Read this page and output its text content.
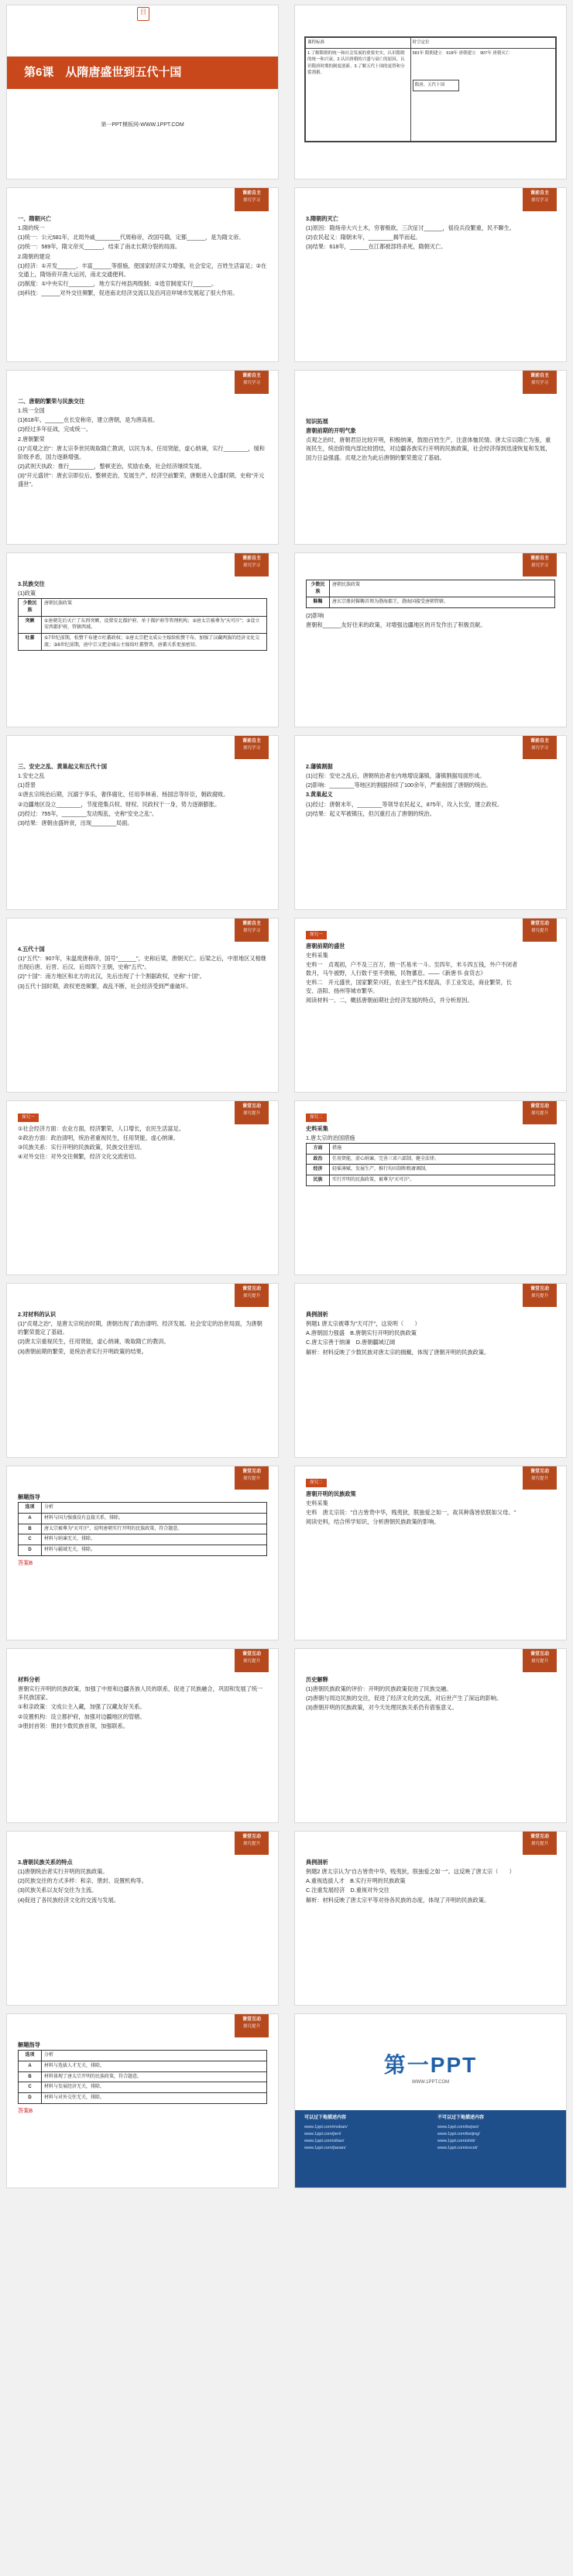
目
第6课　从隋唐盛世到五代十国
第一PPT模板网-WWW.1PPT.COM
课程标准	时空定位
1.了解隋朝的统一和社会发展的重要史实，认识隋朝的统一和兴衰。2.认识唐朝的兴盛与衰亡的原因，认识隋唐时期的制度创新。3.了解五代十国的更替和分裂割据。	581年 隋朝建立　618年 唐朝建立　907年 唐朝灭亡
隋唐、五代十国
课前自主
探究学习

一、隋朝兴亡

1.隋的统一

(1)统一：公元581年，北周外戚________代周称帝，改国号隋，定都______，是为隋文帝。

(2)统一：589年，隋文帝灭______，结束了南北长期分裂的局面。

2.隋朝的建设

(1)经济：①开发______、丰富______等措施，使国家经济实力增强，社会安定，百姓生活富足；②在交通上，隋炀帝开凿大运河，南北交通便利。

(2)制度：①中央实行________，地方实行州县两级制；②选官制度实行______。

(3)科技：______对外交往频繁，促进南北经济交流以及沿河沿岸城市发展起了很大作用。

课前自主
探究学习

3.隋朝的灭亡

(1)原因：隋炀帝大兴土木，穷奢极欲，三次征讨______，徭役兵役繁重，民不聊生。

(2)农民起义：隋朝末年，________揭竿而起。

(3)结果：618年，______在江都被部将杀死，隋朝灭亡。

课前自主
探究学习

二、唐朝的繁荣与民族交往

1.统一全国

(1)618年，______在长安称帝，建立唐朝，是为唐高祖。

(2)经过多年征战，完成统一。

2.唐朝繁荣

(1)"贞观之治"：唐太宗李世民吸取隋亡教训，以民为本，任用贤能，虚心纳谏，实行________，缓和阶级矛盾，国力逐渐增强。

(2)武则天执政：推行________，整顿吏治，奖励农桑，社会经济继续发展。

(3)"开元盛世"：唐玄宗即位后，整顿吏治，发展生产，经济空前繁荣，唐朝进入全盛时期，史称"开元盛世"。

课前自主
探究学习

知识拓展

唐朝前期的开明气象

贞观之治时，唐朝君臣比较开明，积极纳谏，鼓励百姓生产，注意体恤民情。唐太宗以隋亡为鉴，重视民生，统治阶级内部比较团结，对边疆各族实行开明的民族政策，社会经济得到迅速恢复和发展，国力日益强盛。贞观之治为此后唐朝的繁荣奠定了基础。

课前自主
探究学习

3.民族交往

(1)政策

少数民族	唐朝民族政策
突厥	①唐朝先后灭亡了东西突厥，设置安北都护府、单于都护府等管理机构；②唐太宗被尊为"天可汗"；③设立安西都护府，管辖西域。
吐蕃	①7世纪前期，松赞干布建立吐蕃政权；②唐太宗把文成公主嫁给松赞干布，加强了汉藏两族的经济文化交流；③8世纪前期，唐中宗又把金城公主嫁给吐蕃赞普，唐蕃关系更加密切。
课前自主
探究学习
少数民族	唐朝民族政策
靺鞨	唐玄宗册封靺鞨首领为渤海郡王，渤海国接受唐朝管辖。

(2)影响

唐朝和______友好往来的政策，对增强边疆地区的开发作出了积极贡献。

课前自主
探究学习

三、安史之乱、黄巢起义和五代十国

1.安史之乱

(1)背景

①唐玄宗统治后期，沉溺于享乐，奢侈腐化，任用李林甫、杨国忠等奸臣，朝政腐败。

②边疆地区设立________，节度使集兵权、财权、民政权于一身，势力逐渐膨胀。

(2)经过：755年，________发动叛乱，史称"安史之乱"。

(3)结果：唐朝由盛转衰，出现________局面。

课前自主
探究学习

2.藩镇割据

(1)过程：安史之乱后，唐朝统治者在内地增设藩镇，藩镇割据局面形成。

(2)影响：________等地区的割据持续了100余年，严重削弱了唐朝的统治。

3.黄巢起义

(1)经过：唐朝末年，________等领导农民起义，875年，攻入长安，建立政权。

(2)结果：起义军被镇压，但沉重打击了唐朝的统治。

课前自主
探究学习

4.五代十国

(1)"五代"：907年，朱温废唐称帝，国号"______"，史称后梁，唐朝灭亡。后梁之后，中原地区又相继出现后唐、后晋、后汉、后周四个王朝，史称"五代"。

(2)"十国"：南方地区和北方的北汉，先后出现了十个割据政权，史称"十国"。

(3)五代十国时期，政权更迭频繁，战乱不断，社会经济受到严重破坏。

课堂互动
探究提升
探究一

唐朝前期的盛世

史料采集

史料一　贞观初，户不及三百万，绢一匹易米一斗。至四年，米斗四五钱，外户不闭者数月，马牛被野，人行数千里不赍粮，民物蕃息。——《新唐书·食货志》

史料二　开元盛世，国家繁荣兴旺，农业生产技术提高，手工业发达，商业繁荣，长安、洛阳、扬州等城市繁华。

阅读材料一、二，概括唐朝前期社会经济发展的特点，并分析原因。

课堂互动
探究提升
探究一

①社会经济方面：农业方面，经济繁荣，人口增长，农民生活富足。

②政治方面：政治清明，统治者重视民生，任用贤能，虚心纳谏。

③民族关系：实行开明的民族政策，民族交往密切。

④对外交往：对外交往频繁，经济文化交流密切。

课堂互动
探究提升
探究二

史料采集

1.唐太宗的治国措施

方面	措施
政治	任用贤能，虚心纳谏，完善三省六部制，健全法律。
经济	轻徭薄赋，发展生产，推行均田制和租庸调制。
民族	实行开明的民族政策，被尊为"天可汗"。
课堂互动
探究提升

2.对材料的认识

(1)"贞观之治"，是唐太宗统治时期，唐朝出现了政治清明、经济发展、社会安定的治世局面，为唐朝的繁荣奠定了基础。

(2)唐太宗重视民生，任用贤能，虚心纳谏，吸取隋亡的教训。

(3)唐朝前期的繁荣，是统治者实行开明政策的结果。

课堂互动
探究提升

典例剖析

例题1 唐太宗被尊为"天可汗"，这说明（　　）

A.唐朝国力强盛　B.唐朝实行开明的民族政策

C.唐太宗善于纳谏　D.唐朝疆域辽阔

解析：材料反映了少数民族对唐太宗的拥戴，体现了唐朝开明的民族政策。

课堂互动
探究提升

解题指导

选项	分析
A	材料与国力强盛没有直接关系，排除。
B	唐太宗被尊为"天可汗"，说明唐朝实行开明的民族政策，符合题意。
C	材料与纳谏无关，排除。
D	材料与疆域无关，排除。

答案B

课堂互动
探究提升
探究二

唐朝开明的民族政策

史料采集

史料　唐太宗说："自古皆贵中华，贱夷狄，朕独爱之如一，故其种落皆依朕如父母。"

阅读史料，结合所学知识，分析唐朝民族政策的影响。

课堂互动
探究提升

材料分析

唐朝实行开明的民族政策，加强了中原和边疆各族人民的联系，促进了民族融合，巩固和发展了统一多民族国家。

①和亲政策：文成公主入藏，加强了汉藏友好关系。

②设置机构：设立都护府，加强对边疆地区的管辖。

③册封首领：册封少数民族首领，加强联系。

课堂互动
探究提升

历史解释

(1)唐朝民族政策的评价：开明的民族政策促进了民族交融。

(2)唐朝与周边民族的交往，促进了经济文化的交流，对后世产生了深远的影响。

(3)唐朝开明的民族政策，对今天处理民族关系仍有借鉴意义。

课堂互动
探究提升

3.唐朝民族关系的特点

(1)唐朝统治者实行开明的民族政策。

(2)民族交往的方式多样：和亲、册封、设置机构等。

(3)民族关系以友好交往为主流。

(4)促进了各民族经济文化的交流与发展。

课堂互动
探究提升

典例剖析

例题2 唐太宗认为"自古皆贵中华，贱夷狄，朕独爱之如一"。这反映了唐太宗（　　）

A.重视选拔人才　B.实行开明的民族政策

C.注重发展经济　D.重视对外交往

解析：材料反映了唐太宗平等对待各民族的态度，体现了开明的民族政策。

课堂互动
探究提升

解题指导

选项	分析
A	材料与选拔人才无关，排除。
B	材料体现了唐太宗开明的民族政策，符合题意。
C	材料与发展经济无关，排除。
D	材料与对外交往无关，排除。

答案B

第一PPT
WWW.1PPT.COM
可以过下地描述内容
www.1ppt.com/moban/
www.1ppt.com/jieri/
www.1ppt.com/ziliao/
www.1ppt.com/jiaoan/
不可以过下地描述内容
www.1ppt.com/kejian/
www.1ppt.com/beijing/
www.1ppt.com/shiti/
www.1ppt.com/excel/
